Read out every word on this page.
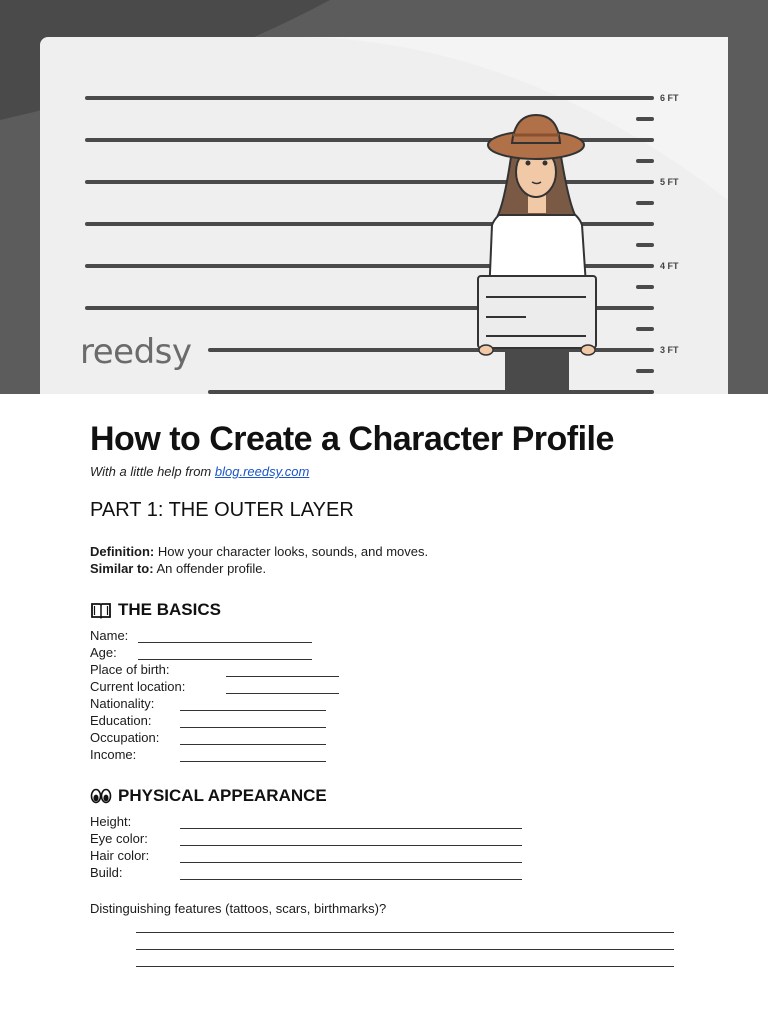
6 FT
5 FT
4 FT
3 FT
reedsy
How to Create a Character Profile
With a little help from blog.reedsy.com
PART 1: THE OUTER LAYER
Definition: How your character looks, sounds, and moves.
Similar to: An offender profile.
THE BASICS
Name:
Age:
Place of birth:
Current location:
Nationality:
Education:
Occupation:
Income:
PHYSICAL APPEARANCE
Height:
Eye color:
Hair color:
Build:
Distinguishing features (tattoos, scars, birthmarks)?
